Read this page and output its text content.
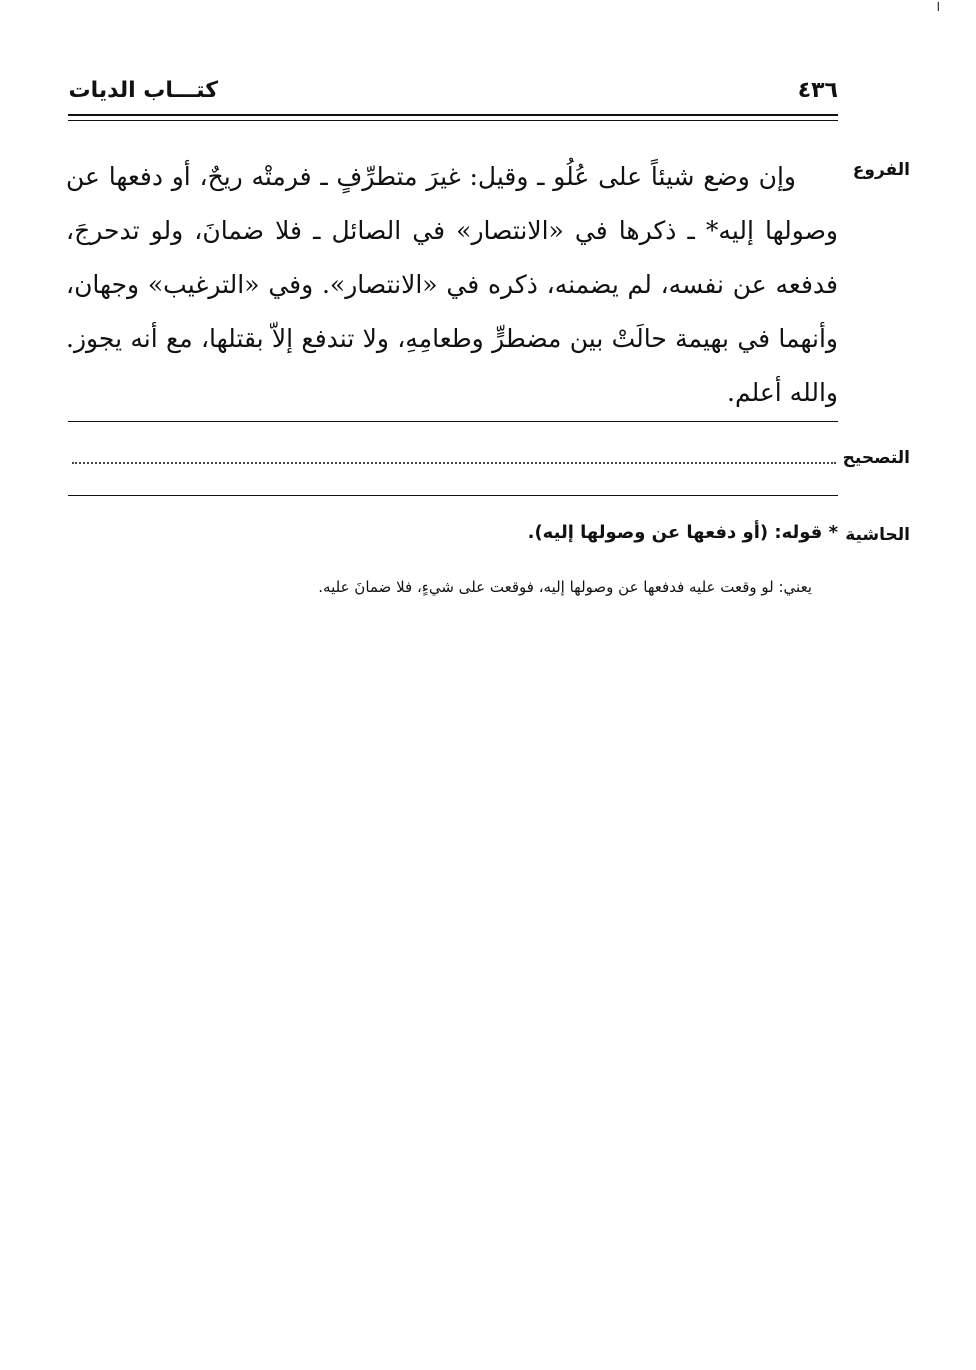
ا
٤٣٦
كتـــاب الديات
الفروع

وإن وضع شيئاً على عُلُو ـ وقيل: غيرَ متطرِّفٍ ـ فرمتْه ريحٌ، أو دفعها عن وصولها إليه* ـ ذكرها في «الانتصار» في الصائل ـ فلا ضمانَ، ولو تدحرجَ، فدفعه عن نفسه، لم يضمنه، ذكره في «الانتصار». وفي «الترغيب» وجهان، وأنهما في بهيمة حالَتْ بين مضطرٍّ وطعامِهِ، ولا تندفع إلاّ بقتلها، مع أنه يجوز. والله أعلم.

التصحيح
الحاشية
* قوله: (أو دفعها عن وصولها إليه).
يعني: لو وقعت عليه فدفعها عن وصولها إليه، فوقعت على شيءٍ، فلا ضمانَ عليه.
